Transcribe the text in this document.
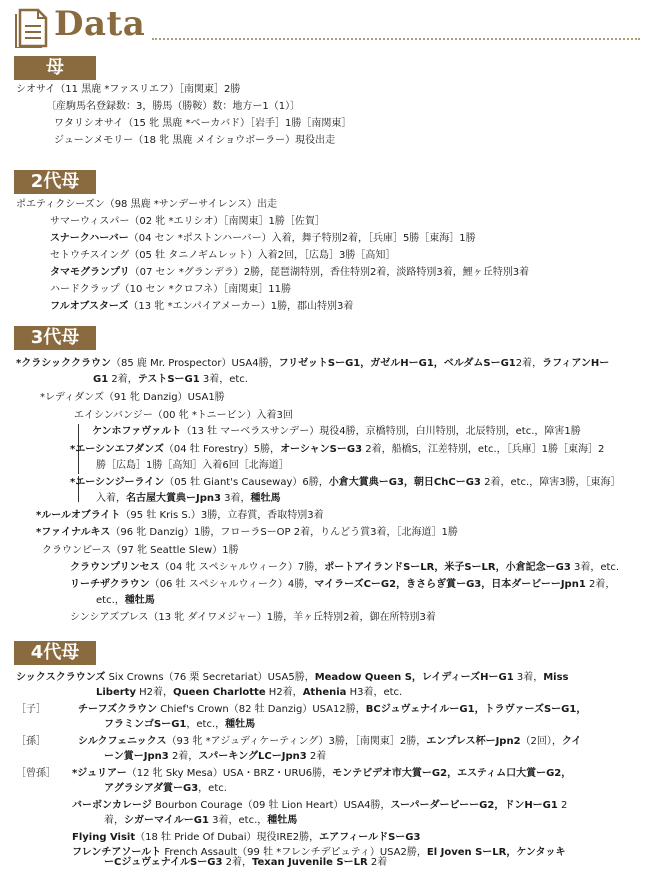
Data
母
シオサイ（11 黒鹿 *ファスリエフ）［南関東］2勝
〔産駒馬名登録数：3，勝馬（勝鞍）数：地方ー1（1）〕
ワタリシオサイ（15 牝 黒鹿 *ベーカバド）［岩手］1勝［南関東］
ジューンメモリー（18 牝 黒鹿 メイショウボーラー）現役出走
2代母
ポエティクシーズン（98 黒鹿 *サンデーサイレンス）出走
サマーウィスパー（02 牝 *エリシオ）［南関東］1勝［佐賀］
スナークハーバー（04 セン *ポストンハーバー）入着，舞子特別2着，［兵庫］5勝［東海］1勝
セトウチスイング（05 牡 タニノギムレット）入着2回，［広島］3勝［高知］
タマモグランプリ（07 セン *グランデラ）2勝，琵琶湖特別，香住特別2着，淡路特別3着，鯉ヶ丘特別3着
ハードクラップ（10 セン *クロフネ）［南関東］11勝
フルオブスターズ（13 牝 *エンパイアメーカー）1勝，郡山特別3着
3代母
*クラシッククラウン（85 鹿 Mr. Prospector）USA4勝，フリゼットSーG1，ガゼルHーG1，ベルダムSーG12着，ラフィアンHー
G1 2着，テストSーG1 3着，etc.
*レディダンズ（91 牝 Danzig）USA1勝
エイシンバンジー（00 牝 *トニービン）入着3回
ケンホファヴァルト（13 牡 マーベラスサンデー）現役4勝，京橋特別，白川特別，北辰特別，etc.，障害1勝
*エーシンエフダンズ（04 牡 Forestry）5勝，オーシャンSーG3 2着，船橋S，江差特別，etc.，［兵庫］1勝［東海］2
勝［広島］1勝［高知］入着6回［北海道］
*エーシンジーライン（05 牡 Giant's Causeway）6勝，小倉大賞典ーG3，朝日ChCーG3 2着，etc.，障害3勝，［東海］
入着，名古屋大賞典ーJpn3 3着，種牡馬
*ルールオブライト（95 牡 Kris S.）3勝，立春賞，香取特別3着
*ファイナルキス（96 牝 Danzig）1勝，フローラSーOP 2着，りんどう賞3着，［北海道］1勝
クラウンピース（97 牝 Seattle Slew）1勝
クラウンプリンセス（04 牝 スペシャルウィーク）7勝，ポートアイランドSーLR，米子SーLR，小倉記念ーG3 3着，etc.
リーチザクラウン（06 牡 スペシャルウィーク）4勝，マイラーズCーG2，きさらぎ賞ーG3，日本ダービーーJpn1 2着，
etc.，種牡馬
シンシアズブレス（13 牝 ダイワメジャー）1勝，羊ヶ丘特別2着，御在所特別3着
4代母
シックスクラウンズ Six Crowns（76 栗 Secretariat）USA5勝，Meadow Queen S，レイディーズHーG1 3着，Miss
Liberty H2着，Queen Charlotte H2着，Athenia H3着，etc.
［子］	チーフズクラウン Chief's Crown（82 牡 Danzig）USA12勝，BCジュヴェナイルーG1，トラヴァーズSーG1，
フラミンゴSーG1，etc.，種牡馬
［孫］	シルクフェニックス（93 牝 *アジュディケーティング）3勝，［南関東］2勝，エンプレス杯ーJpn2（2回），クイ
ーン賞ーJpn3 2着，スパーキングLCーJpn3 2着
［曾孫］ *ジュリアー（12 牝 Sky Mesa）USA・BRZ・URU6勝，モンテビデオ市大賞ーG2，エスティム口大賞ーG2，
アグラシアダ賞ーG3，etc.
バーボンカレージ Bourbon Courage（09 牡 Lion Heart）USA4勝，スーパーダービーーG2，ドンHーG1 2
着，シガーマイルーG1 3着，etc.，種牡馬
Flying Visit（18 牡 Pride Of Dubai）現役IRE2勝，エアフィールドSーG3
フレンチアソールト French Assault（99 牡 *フレンチデピュティ）USA2勝，El Joven SーLR，ケンタッキ
ーCジュヴェナイルSーG3 2着，Texan Juvenile SーLR 2着
